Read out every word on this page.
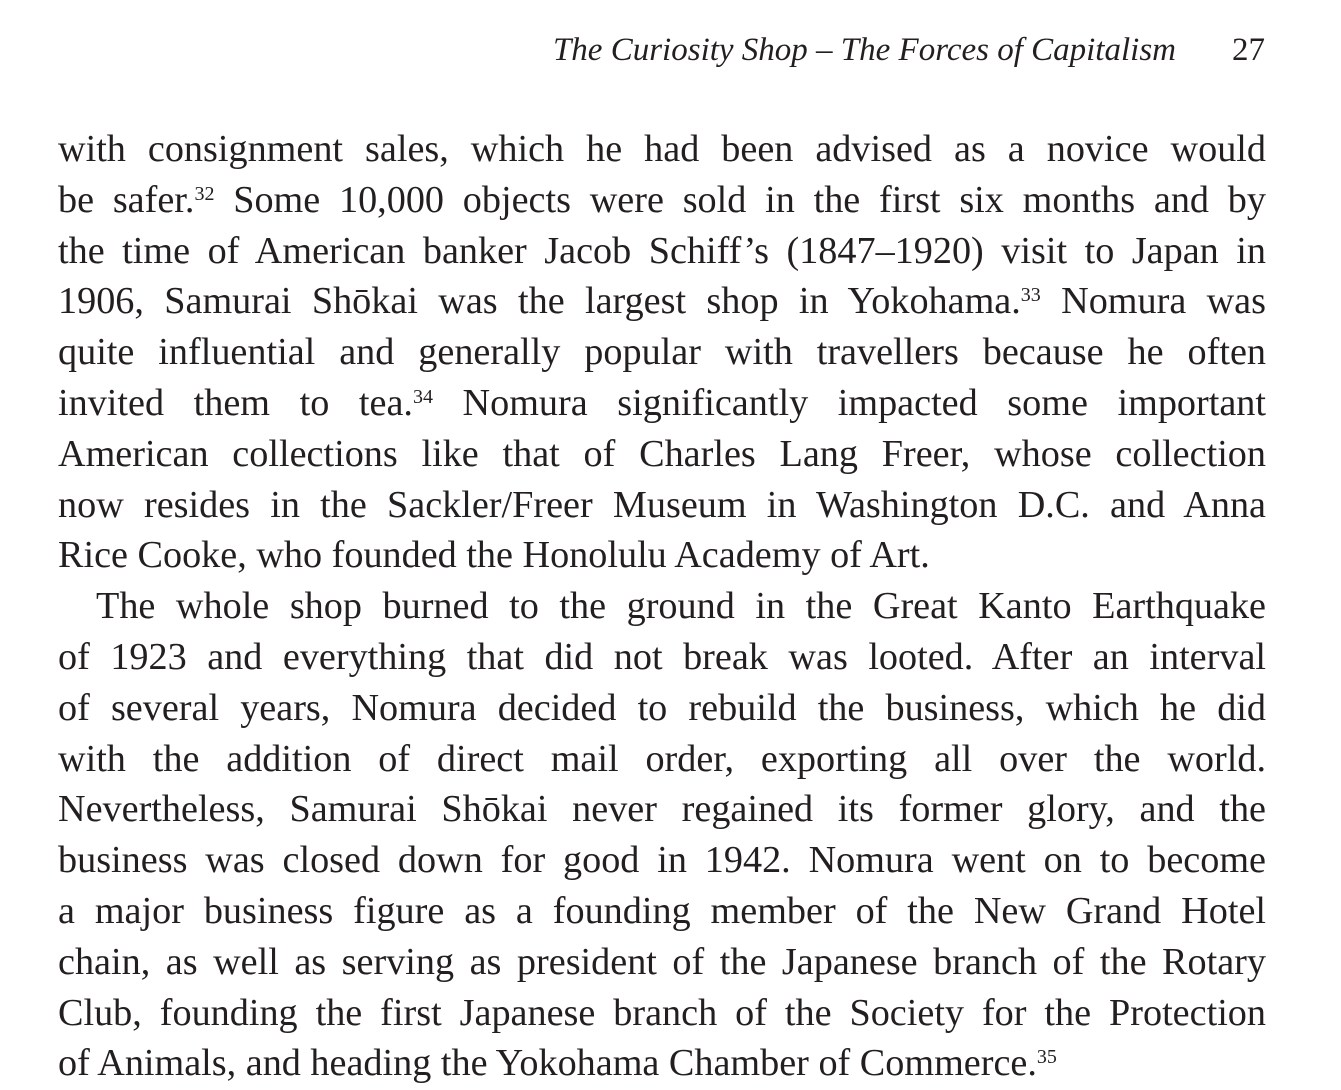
The Curiosity Shop – The Forces of Capitalism 27
with consignment sales, which he had been advised as a novice would
be safer.$^{32}$ Some 10,000 objects were sold in the first six months and by
the time of American banker Jacob Schiff’s (1847–1920) visit to Japan in
1906, Samurai Shōkai was the largest shop in Yokohama.$^{33}$ Nomura was
quite influential and generally popular with travellers because he often
invited them to tea.$^{34}$ Nomura significantly impacted some important
American collections like that of Charles Lang Freer, whose collection
now resides in the Sackler/Freer Museum in Washington D.C. and Anna
Rice Cooke, who founded the Honolulu Academy of Art.
The whole shop burned to the ground in the Great Kanto Earthquake
of 1923 and everything that did not break was looted. After an interval
of several years, Nomura decided to rebuild the business, which he did
with the addition of direct mail order, exporting all over the world.
Nevertheless, Samurai Shōkai never regained its former glory, and the
business was closed down for good in 1942. Nomura went on to become
a major business figure as a founding member of the New Grand Hotel
chain, as well as serving as president of the Japanese branch of the Rotary
Club, founding the first Japanese branch of the Society for the Protection
of Animals, and heading the Yokohama Chamber of Commerce.$^{35}$
